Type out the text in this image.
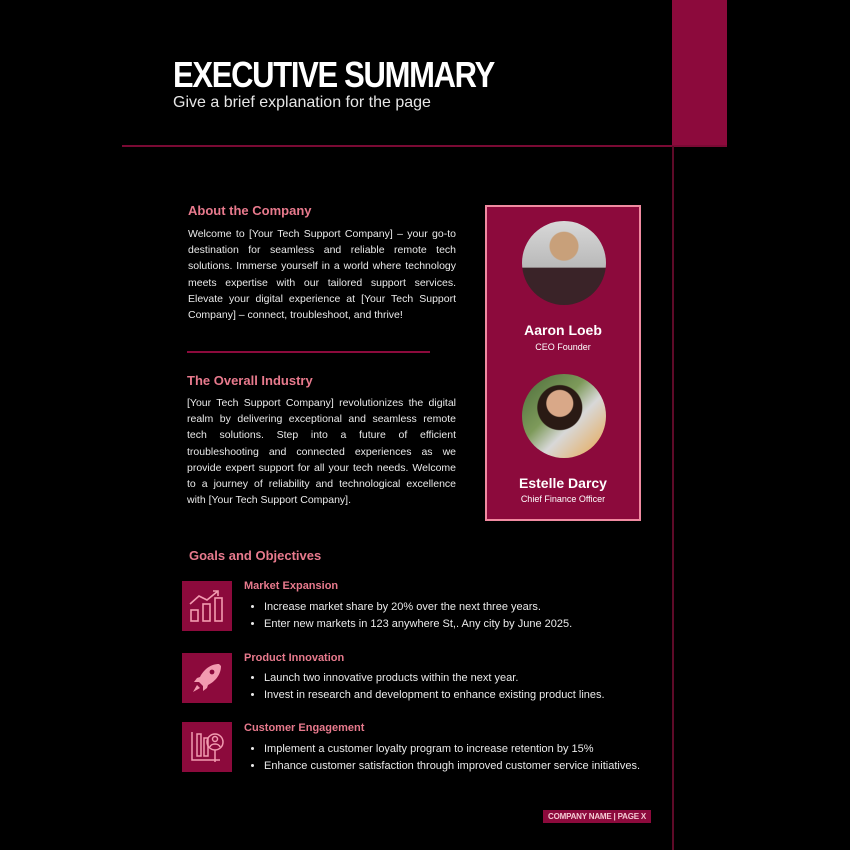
EXECUTIVE SUMMARY
Give a brief explanation for the page
About the Company
Welcome to [Your Tech Support Company] – your go-to destination for seamless and reliable remote tech solutions. Immerse yourself in a world where technology meets expertise with our tailored support services. Elevate your digital experience at [Your Tech Support Company] – connect, troubleshoot, and thrive!
The Overall Industry
[Your Tech Support Company] revolutionizes the digital realm by delivering exceptional and seamless remote tech solutions. Step into a future of efficient troubleshooting and connected experiences as we provide expert support for all your tech needs. Welcome to a journey of reliability and technological excellence with [Your Tech Support Company].
Aaron Loeb
CEO Founder
Estelle Darcy
Chief Finance Officer
Goals and Objectives
Market Expansion
• Increase market share by 20% over the next three years.
• Enter new markets in 123 anywhere St,. Any city by June 2025.
Product Innovation
• Launch two innovative products within the next year.
• Invest in research and development to enhance existing product lines.
Customer Engagement
• Implement a customer loyalty program to increase retention by 15%
• Enhance customer satisfaction through improved customer service initiatives.
COMPANY NAME | PAGE X
